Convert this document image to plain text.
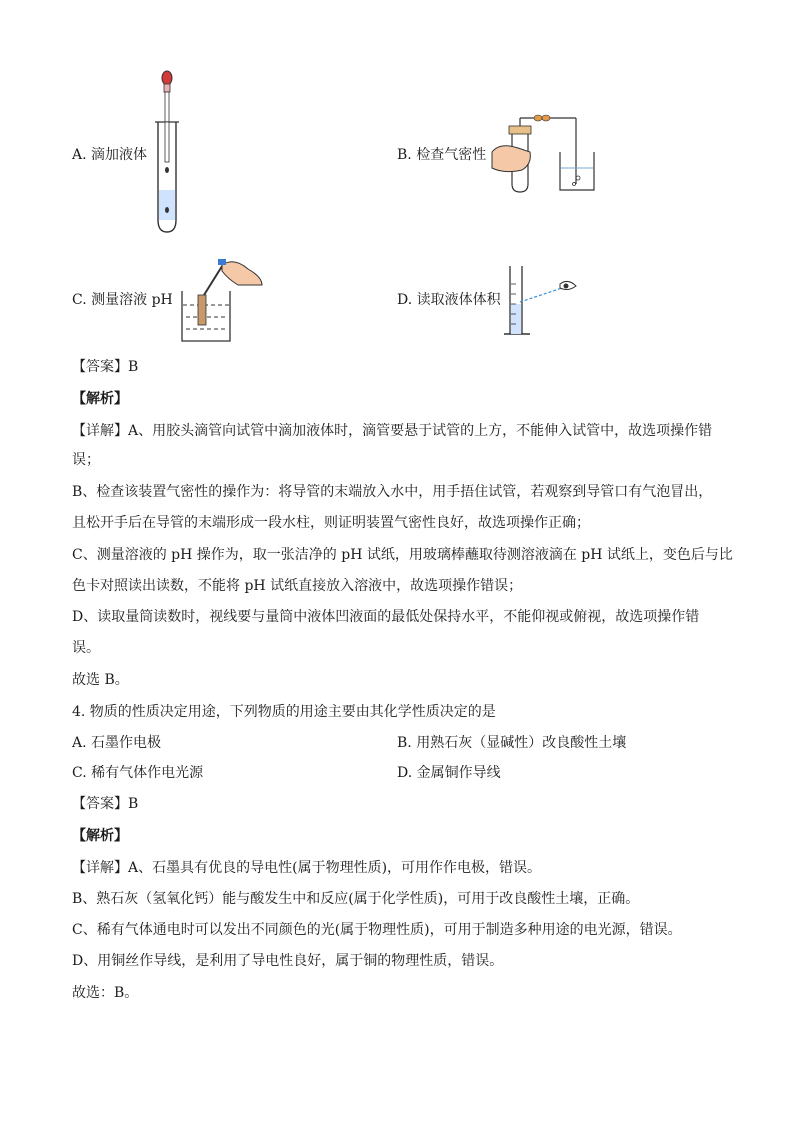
A. 滴加液体	B. 检查气密性
C. 测量溶液 pH	D. 读取液体体积
【答案】B
【解析】
【详解】A、用胶头滴管向试管中滴加液体时，滴管要悬于试管的上方，不能伸入试管中，故选项操作错
误；
B、检查该装置气密性的操作为：将导管的末端放入水中，用手捂住试管，若观察到导管口有气泡冒出，
且松开手后在导管的末端形成一段水柱，则证明装置气密性良好，故选项操作正确；
C、测量溶液的 pH 操作为，取一张洁净的 pH 试纸，用玻璃棒蘸取待测溶液滴在 pH 试纸上，变色后与比
色卡对照读出读数，不能将 pH 试纸直接放入溶液中，故选项操作错误；
D、读取量筒读数时，视线要与量筒中液体凹液面的最低处保持水平，不能仰视或俯视，故选项操作错
误。
故选 B。
4. 物质的性质决定用途，下列物质的用途主要由其化学性质决定的是
A. 石墨作电极	B. 用熟石灰（显碱性）改良酸性土壤
C. 稀有气体作电光源	D. 金属铜作导线
【答案】B
【解析】
【详解】A、石墨具有优良的导电性(属于物理性质)，可用作作电极，错误。
B、熟石灰（氢氧化钙）能与酸发生中和反应(属于化学性质)，可用于改良酸性土壤，正确。
C、稀有气体通电时可以发出不同颜色的光(属于物理性质)，可用于制造多种用途的电光源，错误。
D、用铜丝作导线，是利用了导电性良好，属于铜的物理性质，错误。
故选：B。
